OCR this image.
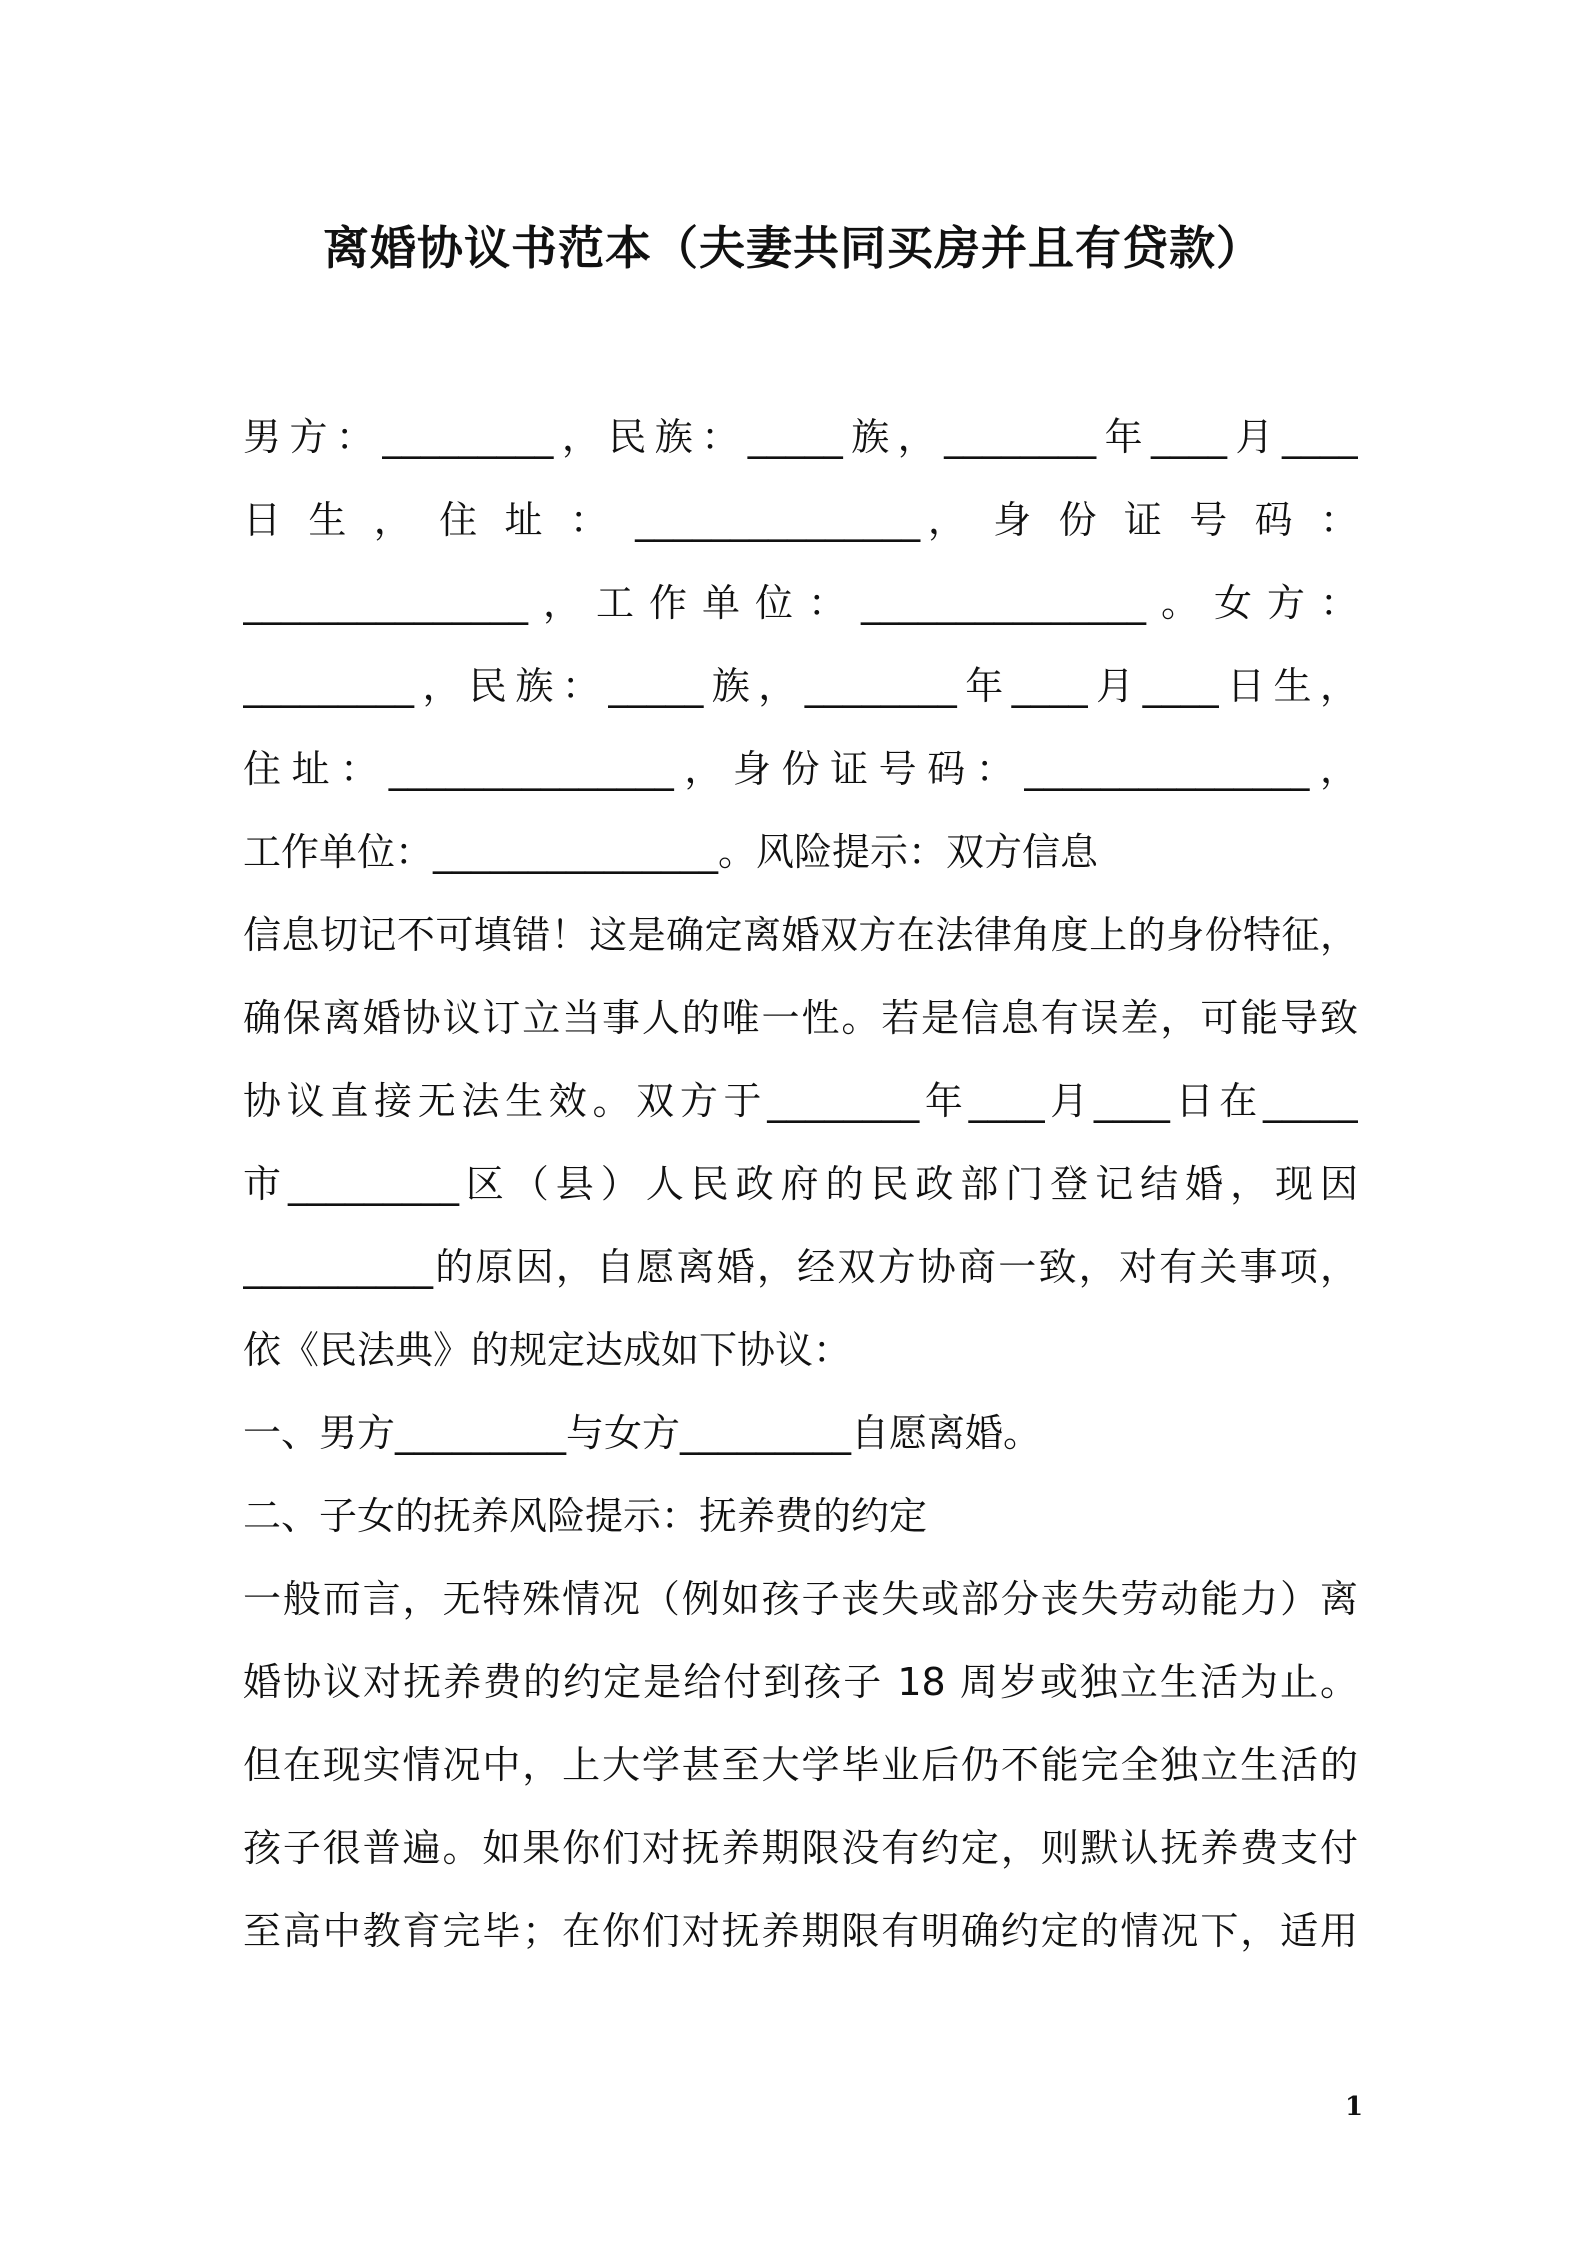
离婚协议书范本（夫妻共同买房并且有贷款）
男方：_________，民族：_____族，________年____月____
日 生 ， 住 址 ： _______________， 身 份 证 号 码 ：
_______________，工作单位：_______________。女方：
_________，民族：_____族，________年____月____日生，
住址：_______________，身份证号码：_______________，
工作单位：_______________。风险提示：双方信息
信息切记不可填错！这是确定离婚双方在法律角度上的身份特征，
确保离婚协议订立当事人的唯一性。若是信息有误差，可能导致
协议直接无法生效。双方于________年____月____日在_____
市_________区（县）人民政府的民政部门登记结婚，现因
__________的原因，自愿离婚，经双方协商一致，对有关事项，
依《民法典》的规定达成如下协议：
一、男方_________与女方_________自愿离婚。
二、子女的抚养风险提示：抚养费的约定
一般而言，无特殊情况（例如孩子丧失或部分丧失劳动能力）离
婚协议对抚养费的约定是给付到孩子 18 周岁或独立生活为止。
但在现实情况中，上大学甚至大学毕业后仍不能完全独立生活的
孩子很普遍。如果你们对抚养期限没有约定，则默认抚养费支付
至高中教育完毕；在你们对抚养期限有明确约定的情况下，适用
1
